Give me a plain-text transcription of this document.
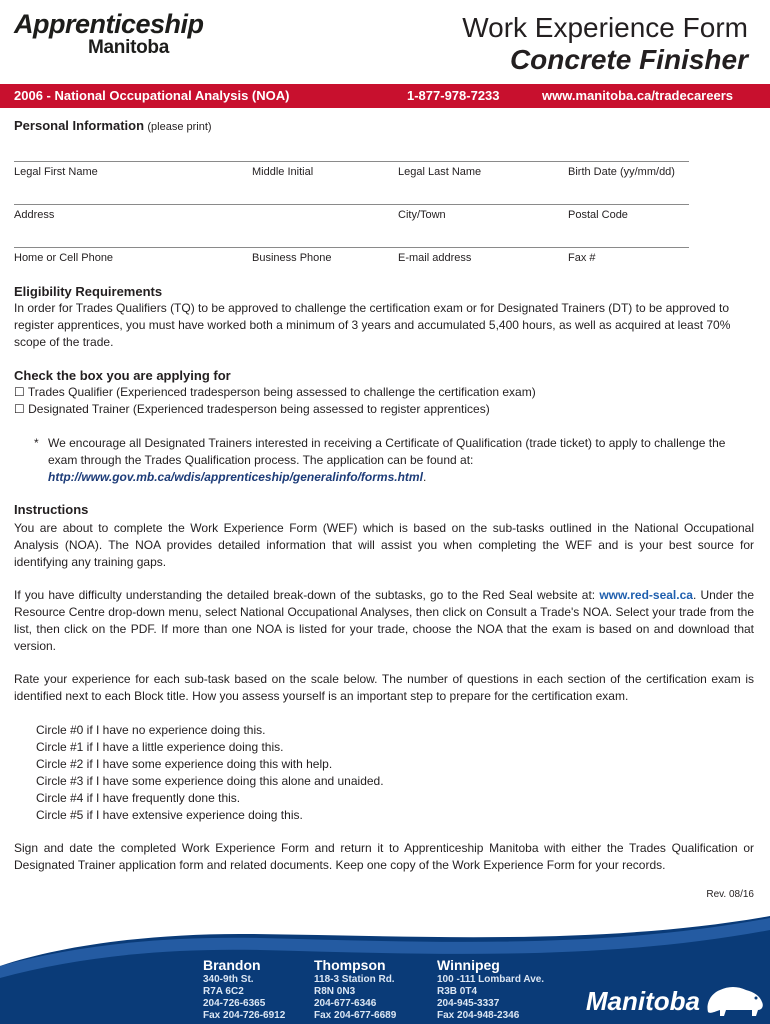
Apprenticeship
Manitoba
Work Experience Form
Concrete Finisher
2006 - National Occupational Analysis (NOA)	1-877-978-7233	www.manitoba.ca/tradecareers
Personal Information (please print)
Legal First Name	Middle Initial	Legal Last Name	Birth Date (yy/mm/dd)
Address	City/Town	Postal Code
Home or Cell Phone	Business Phone	E-mail address	Fax #
Eligibility Requirements
In order for Trades Qualifiers (TQ) to be approved to challenge the certification exam or for Designated Trainers (DT) to be approved to register apprentices, you must have worked both a minimum of 3 years and accumulated 5,400 hours, as well as acquired at least 70% scope of the trade.
Check the box you are applying for
☐ Trades Qualifier (Experienced tradesperson being assessed to challenge the certification exam)
☐ Designated Trainer (Experienced tradesperson being assessed to register apprentices)
* We encourage all Designated Trainers interested in receiving a Certificate of Qualification (trade ticket) to apply to challenge the exam through the Trades Qualification process. The application can be found at:
http://www.gov.mb.ca/wdis/apprenticeship/generalinfo/forms.html.
Instructions
You are about to complete the Work Experience Form (WEF) which is based on the sub-tasks outlined in the National Occupational Analysis (NOA). The NOA provides detailed information that will assist you when completing the WEF and is your best source for identifying any training gaps.
If you have difficulty understanding the detailed break-down of the subtasks, go to the Red Seal website at: www.red-seal.ca. Under the Resource Centre drop-down menu, select National Occupational Analyses, then click on Consult a Trade's NOA. Select your trade from the list, then click on the PDF. If more than one NOA is listed for your trade, choose the NOA that the exam is based on and download that version.
Rate your experience for each sub-task based on the scale below. The number of questions in each section of the certification exam is identified next to each Block title. How you assess yourself is an important step to prepare for the certification exam.
Circle #0 if I have no experience doing this.
Circle #1 if I have a little experience doing this.
Circle #2 if I have some experience doing this with help.
Circle #3 if I have some experience doing this alone and unaided.
Circle #4 if I have frequently done this.
Circle #5 if I have extensive experience doing this.
Sign and date the completed Work Experience Form and return it to Apprenticeship Manitoba with either the Trades Qualification or Designated Trainer application form and related documents. Keep one copy of the Work Experience Form for your records.
Rev. 08/16
Brandon
340-9th St.
R7A 6C2
204-726-6365
Fax 204-726-6912
Thompson
118-3 Station Rd.
R8N 0N3
204-677-6346
Fax 204-677-6689
Winnipeg
100 -111 Lombard Ave.
R3B 0T4
204-945-3337
Fax 204-948-2346	Manitoba
